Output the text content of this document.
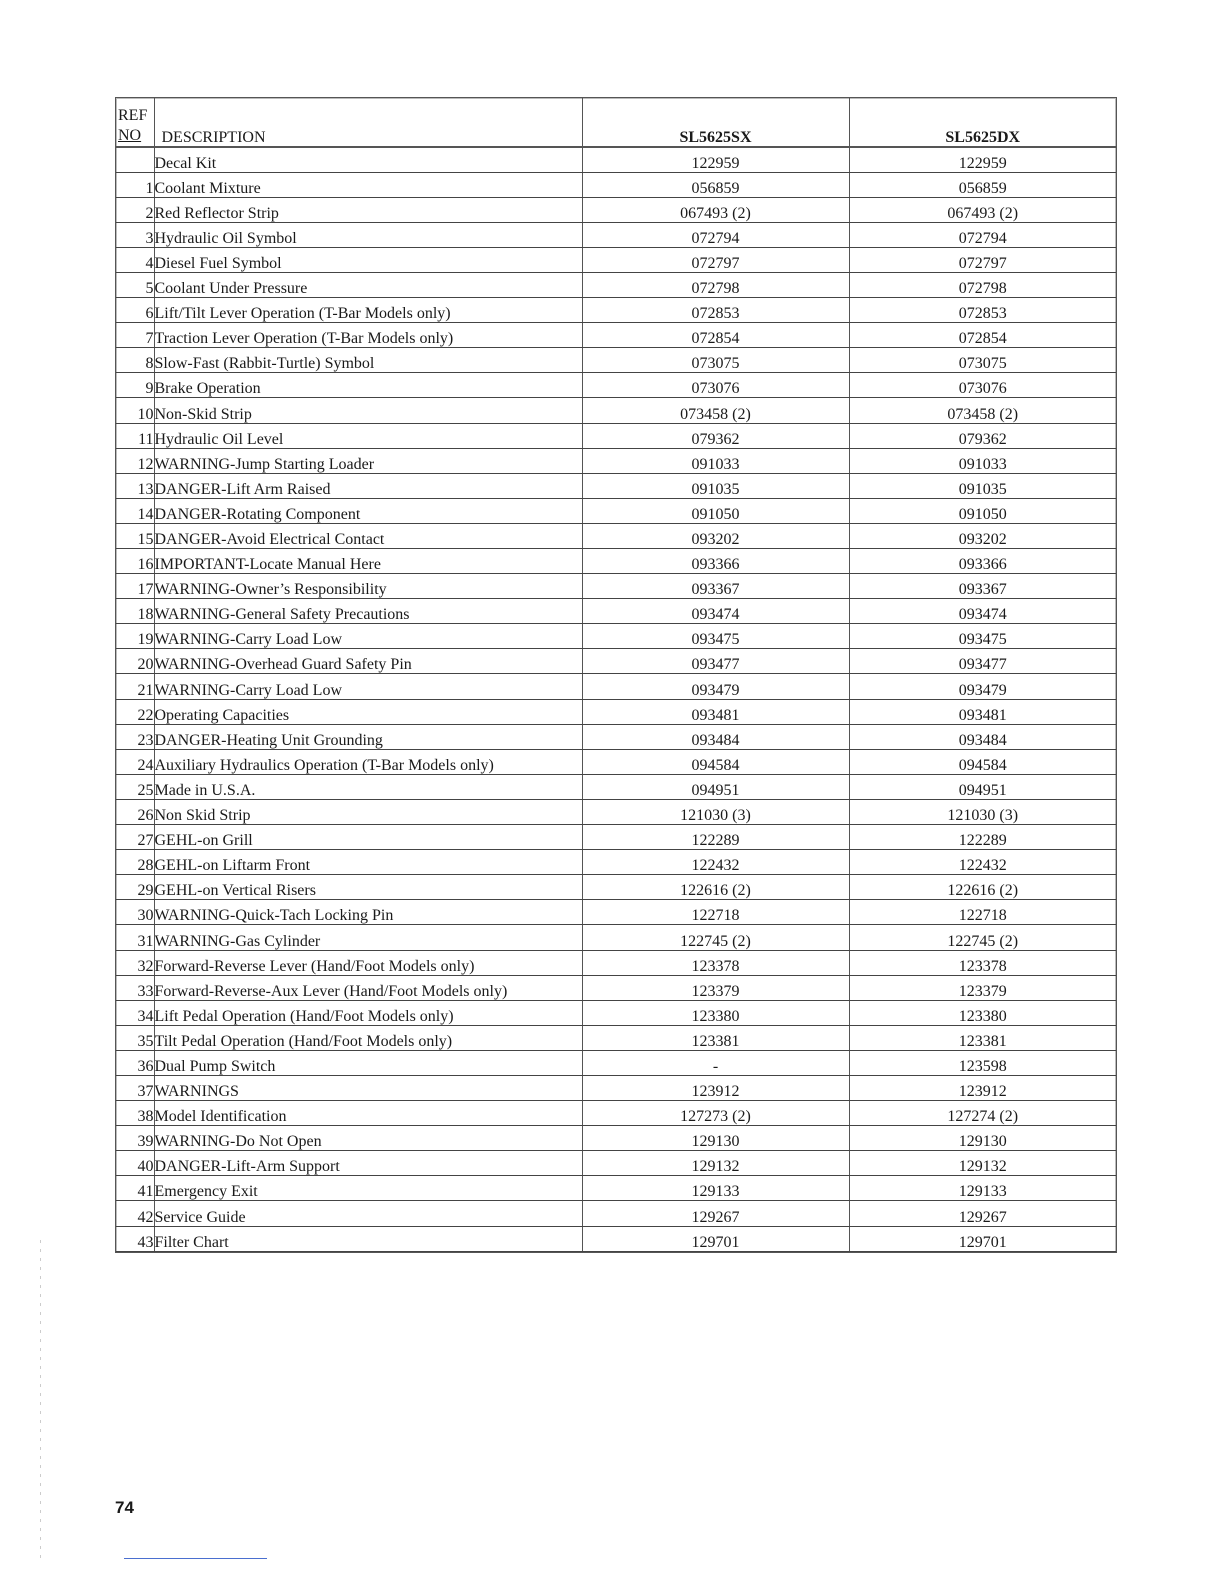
REF
NO	DESCRIPTION	SL5625SX	SL5625DX
	Decal Kit	122959	122959
1	Coolant Mixture	056859	056859
2	Red Reflector Strip	067493 (2)	067493 (2)
3	Hydraulic Oil Symbol	072794	072794
4	Diesel Fuel Symbol	072797	072797
5	Coolant Under Pressure	072798	072798
6	Lift/Tilt Lever Operation (T-Bar Models only)	072853	072853
7	Traction Lever Operation (T-Bar Models only)	072854	072854
8	Slow-Fast (Rabbit-Turtle) Symbol	073075	073075
9	Brake Operation	073076	073076
10	Non-Skid Strip	073458 (2)	073458 (2)
11	Hydraulic Oil Level	079362	079362
12	WARNING-Jump Starting Loader	091033	091033
13	DANGER-Lift Arm Raised	091035	091035
14	DANGER-Rotating Component	091050	091050
15	DANGER-Avoid Electrical Contact	093202	093202
16	IMPORTANT-Locate Manual Here	093366	093366
17	WARNING-Owner’s Responsibility	093367	093367
18	WARNING-General Safety Precautions	093474	093474
19	WARNING-Carry Load Low	093475	093475
20	WARNING-Overhead Guard Safety Pin	093477	093477
21	WARNING-Carry Load Low	093479	093479
22	Operating Capacities	093481	093481
23	DANGER-Heating Unit Grounding	093484	093484
24	Auxiliary Hydraulics Operation (T-Bar Models only)	094584	094584
25	Made in U.S.A.	094951	094951
26	Non Skid Strip	121030 (3)	121030 (3)
27	GEHL-on Grill	122289	122289
28	GEHL-on Liftarm Front	122432	122432
29	GEHL-on Vertical Risers	122616 (2)	122616 (2)
30	WARNING-Quick-Tach Locking Pin	122718	122718
31	WARNING-Gas Cylinder	122745 (2)	122745 (2)
32	Forward-Reverse Lever (Hand/Foot Models only)	123378	123378
33	Forward-Reverse-Aux Lever (Hand/Foot Models only)	123379	123379
34	Lift Pedal Operation (Hand/Foot Models only)	123380	123380
35	Tilt Pedal Operation (Hand/Foot Models only)	123381	123381
36	Dual Pump Switch	-	123598
37	WARNINGS	123912	123912
38	Model Identification	127273 (2)	127274 (2)
39	WARNING-Do Not Open	129130	129130
40	DANGER-Lift-Arm Support	129132	129132
41	Emergency Exit	129133	129133
42	Service Guide	129267	129267
43	Filter Chart	129701	129701
74
